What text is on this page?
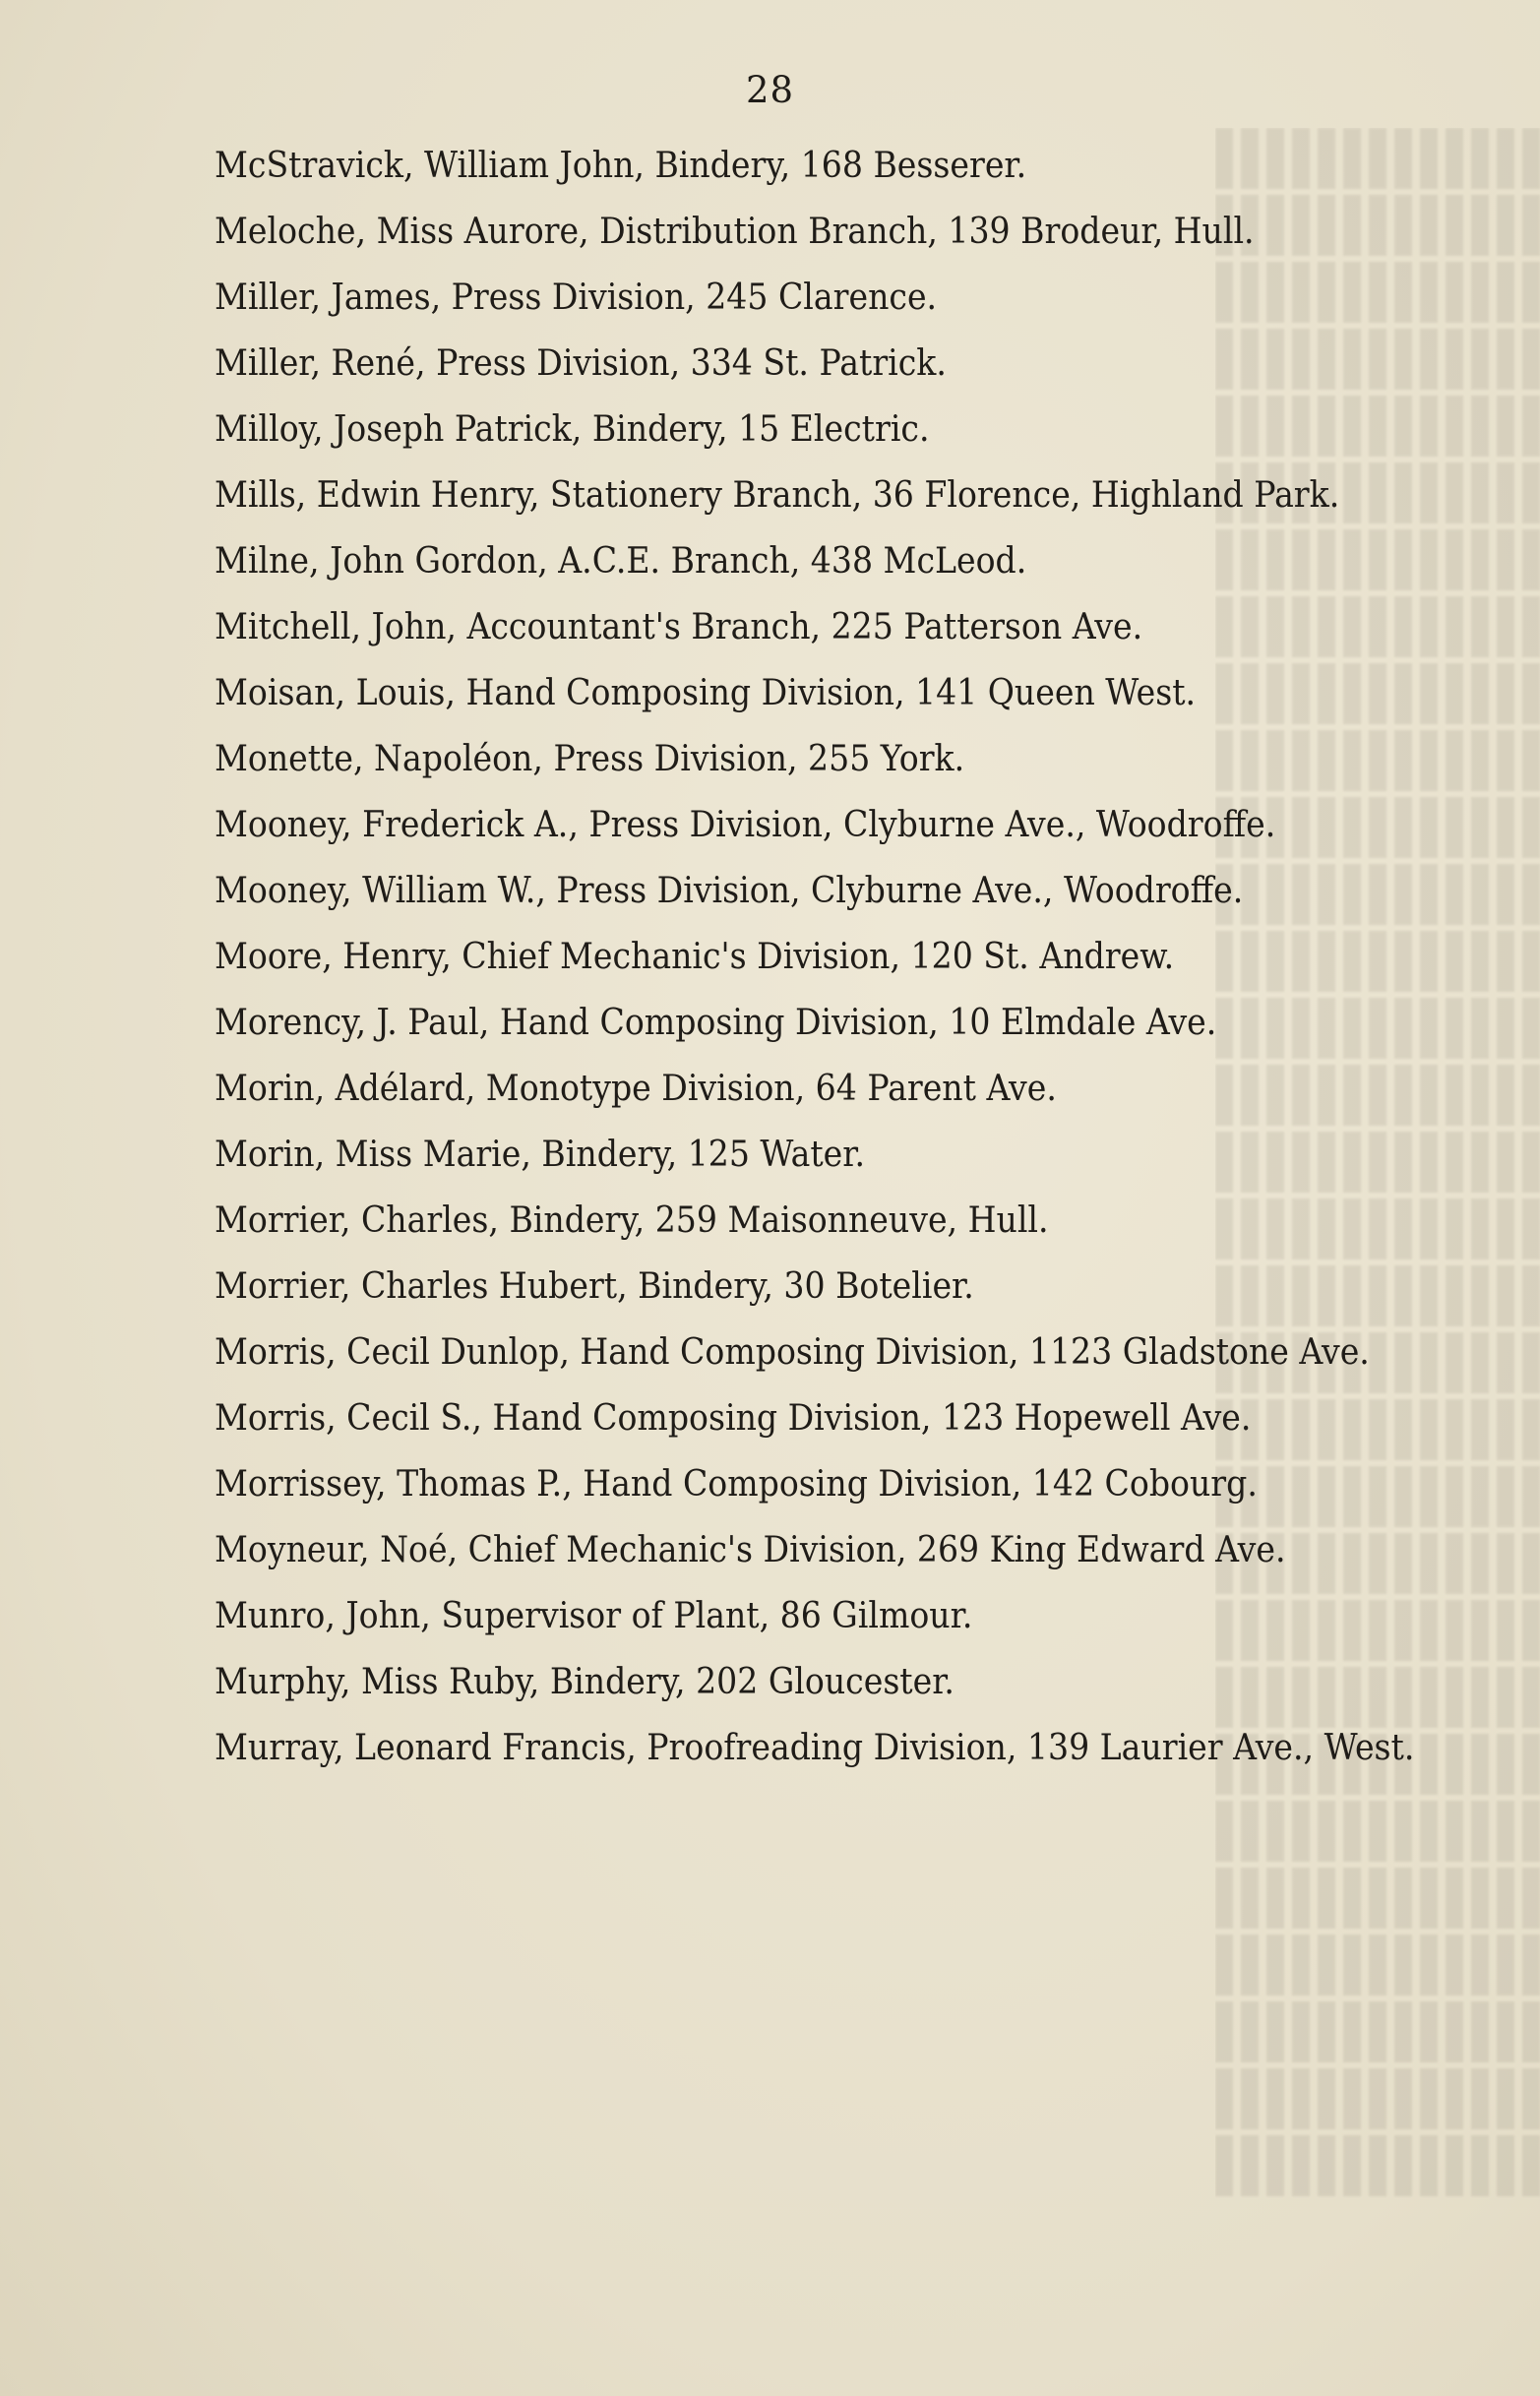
28
McStravick, William John, Bindery, 168 Besserer.
Meloche, Miss Aurore, Distribution Branch, 139 Brodeur, Hull.
Miller, James, Press Division, 245 Clarence.
Miller, René, Press Division, 334 St. Patrick.
Milloy, Joseph Patrick, Bindery, 15 Electric.
Mills, Edwin Henry, Stationery Branch, 36 Florence, Highland Park.
Milne, John Gordon, A.C.E. Branch, 438 McLeod.
Mitchell, John, Accountant's Branch, 225 Patterson Ave.
Moisan, Louis, Hand Composing Division, 141 Queen West.
Monette, Napoléon, Press Division, 255 York.
Mooney, Frederick A., Press Division, Clyburne Ave., Woodroffe.
Mooney, William W., Press Division, Clyburne Ave., Woodroffe.
Moore, Henry, Chief Mechanic's Division, 120 St. Andrew.
Morency, J. Paul, Hand Composing Division, 10 Elmdale Ave.
Morin, Adélard, Monotype Division, 64 Parent Ave.
Morin, Miss Marie, Bindery, 125 Water.
Morrier, Charles, Bindery, 259 Maisonneuve, Hull.
Morrier, Charles Hubert, Bindery, 30 Botelier.
Morris, Cecil Dunlop, Hand Composing Division, 1123 Gladstone Ave.
Morris, Cecil S., Hand Composing Division, 123 Hopewell Ave.
Morrissey, Thomas P., Hand Composing Division, 142 Cobourg.
Moyneur, Noé, Chief Mechanic's Division, 269 King Edward Ave.
Munro, John, Supervisor of Plant, 86 Gilmour.
Murphy, Miss Ruby, Bindery, 202 Gloucester.
Murray, Leonard Francis, Proofreading Division, 139 Laurier Ave., West.
